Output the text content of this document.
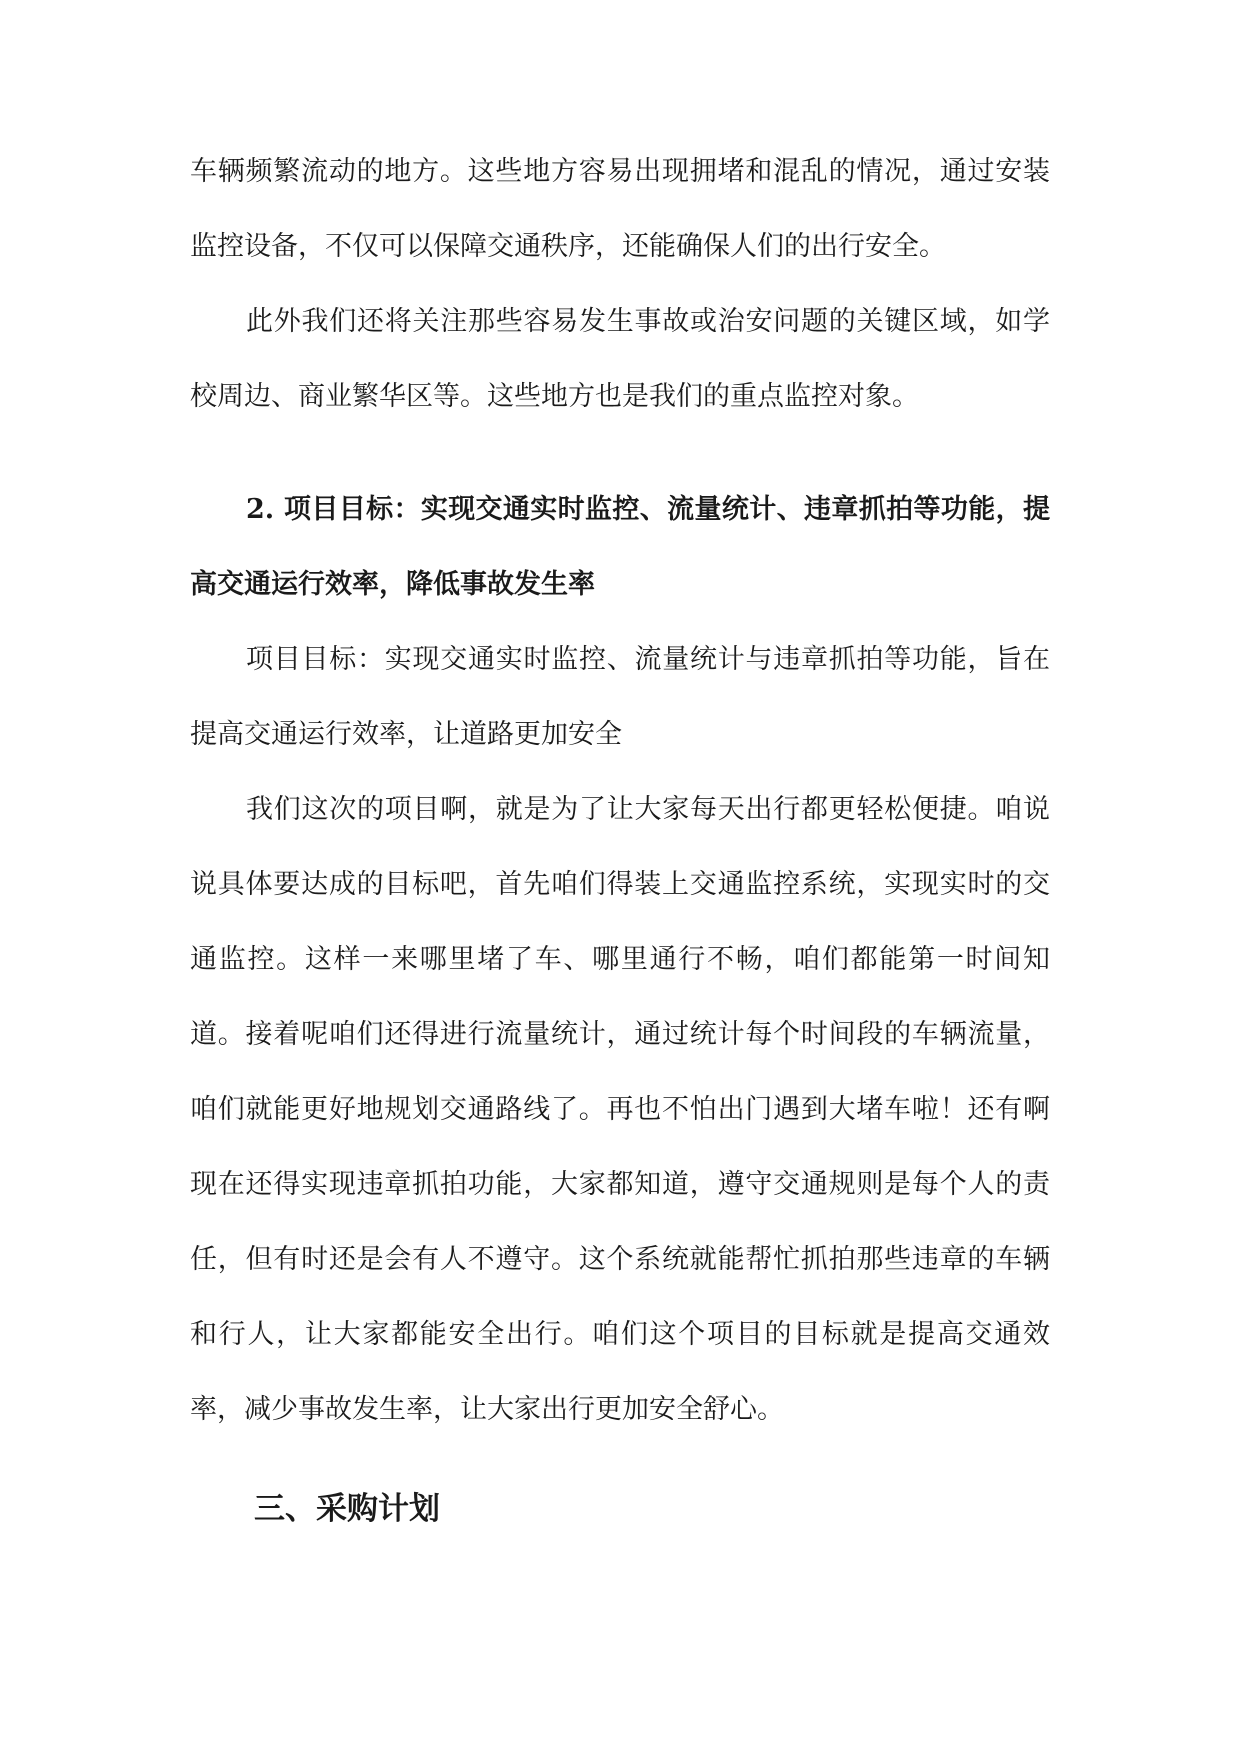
车辆频繁流动的地方。这些地方容易出现拥堵和混乱的情况，通过安装监控设备，不仅可以保障交通秩序，还能确保人们的出行安全。

此外我们还将关注那些容易发生事故或治安问题的关键区域，如学校周边、商业繁华区等。这些地方也是我们的重点监控对象。

2. 项目目标：实现交通实时监控、流量统计、违章抓拍等功能，提高交通运行效率，降低事故发生率

项目目标：实现交通实时监控、流量统计与违章抓拍等功能，旨在提高交通运行效率，让道路更加安全

我们这次的项目啊，就是为了让大家每天出行都更轻松便捷。咱说说具体要达成的目标吧，首先咱们得装上交通监控系统，实现实时的交通监控。这样一来哪里堵了车、哪里通行不畅，咱们都能第一时间知道。接着呢咱们还得进行流量统计，通过统计每个时间段的车辆流量，咱们就能更好地规划交通路线了。再也不怕出门遇到大堵车啦！还有啊现在还得实现违章抓拍功能，大家都知道，遵守交通规则是每个人的责任，但有时还是会有人不遵守。这个系统就能帮忙抓拍那些违章的车辆和行人，让大家都能安全出行。咱们这个项目的目标就是提高交通效率，减少事故发生率，让大家出行更加安全舒心。

三、采购计划
